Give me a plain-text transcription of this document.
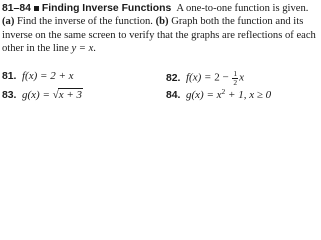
81–84 Finding Inverse Functions A one-to-one function is given. (a) Find the inverse of the function. (b) Graph both the function and its inverse on the same screen to verify that the graphs are reflections of each other in the line y = x.

81. f(x) = 2 + x	82. $f(x) = 2 - \frac{1}{2}$ x
83. g(x) = √x + 3	84. $g(x) = x^2 + 1$, x ≥ 0
